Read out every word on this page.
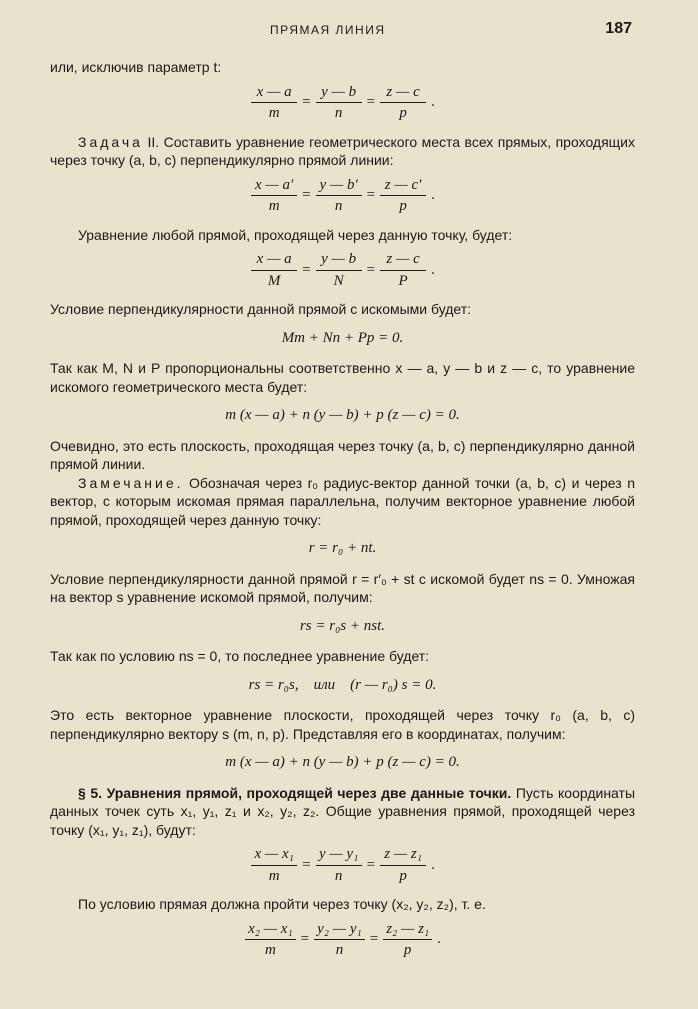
ПРЯМАЯ ЛИНИЯ	187

или, исключив параметр t:

$\frac{x — a}{m} = \frac{y — b}{n} = \frac{z — c}{p}$ .

Задача II. Составить уравнение геометрического места всех прямых, проходящих через точку (a, b, c) перпендикулярно прямой линии:

$\frac{x — a'}{m} = \frac{y — b'}{n} = \frac{z — c'}{p}$ .

Уравнение любой прямой, проходящей через данную точку, будет:

$\frac{x — a}{M} = \frac{y — b}{N} = \frac{z — c}{P}$ .

Условие перпендикулярности данной прямой с искомыми будет:

Mm + Nn + Pp = 0.

Так как M, N и P пропорциональны соответственно x — a, y — b и z — c, то уравнение искомого геометрического места будет:

m (x — a) + n (y — b) + p (z — c) = 0.

Очевидно, это есть плоскость, проходящая через точку (a, b, c) перпендикулярно данной прямой линии.

Замечание. Обозначая через r₀ радиус-вектор данной точки (a, b, c) и через n вектор, с которым искомая прямая параллельна, получим векторное уравнение любой прямой, проходящей через данную точку:

r = r₀ + nt.

Условие перпендикулярности данной прямой r = r′₀ + st с искомой будет ns = 0. Умножая на вектор s уравнение искомой прямой, получим:

rs = r₀s + nst.

Так как по условию ns = 0, то последнее уравнение будет:

rs = r₀s,    или    (r — r₀) s = 0.

Это есть векторное уравнение плоскости, проходящей через точку r₀ (a, b, c) перпендикулярно вектору s (m, n, p). Представляя его в координатах, получим:

m (x — a) + n (y — b) + p (z — c) = 0.

§ 5. Уравнения прямой, проходящей через две данные точки. Пусть координаты данных точек суть x₁, y₁, z₁ и x₂, y₂, z₂. Общие уравнения прямой, проходящей через точку (x₁, y₁, z₁), будут:

$\frac{\text{x — x₁}}{m} = \frac{\text{y — y₁}}{n} = \frac{\text{z — z₁}}{p}$ .

По условию прямая должна пройти через точку (x₂, y₂, z₂), т. е.

$\frac{\text{x₂ — x₁}}{m} = \frac{\text{y₂ — y₁}}{n} = \frac{\text{z₂ — z₁}}{p}$ .
